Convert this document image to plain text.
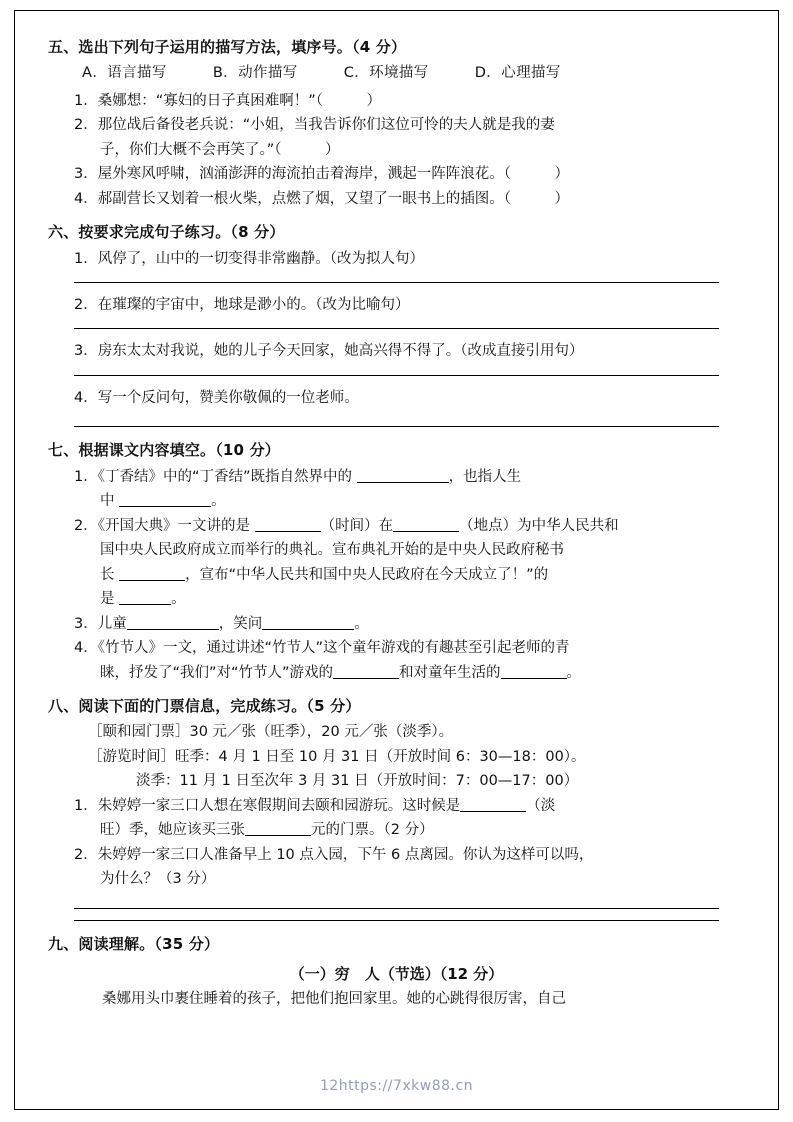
五、选出下列句子运用的描写方法，填序号。（4 分）
A．语言描写	B．动作描写	C．环境描写	D．心理描写
1．桑娜想：“寡妇的日子真困难啊！”（　　　）
2．那位战后备役老兵说：“小姐，当我告诉你们这位可怜的夫人就是我的妻
子，你们大概不会再笑了。”（　　　）
3．屋外寒风呼啸，汹涌澎湃的海流拍击着海岸，溅起一阵阵浪花。（　　　）
4．郝副营长又划着一根火柴，点燃了烟，又望了一眼书上的插图。（　　　）
六、按要求完成句子练习。（8 分）
1．风停了，山中的一切变得非常幽静。（改为拟人句）
2．在璀璨的宇宙中，地球是渺小的。（改为比喻句）
3．房东太太对我说，她的儿子今天回家，她高兴得不得了。（改成直接引用句）
4．写一个反问句，赞美你敬佩的一位老师。
七、根据课文内容填空。（10 分）
1．《丁香结》中的“丁香结”既指自然界中的	，也指人生
中	。
2．《开国大典》一文讲的是	（时间）在	（地点）为中华人民共和
国中央人民政府成立而举行的典礼。宣布典礼开始的是中央人民政府秘书
长	，宣布“中华人民共和国中央人民政府在今天成立了！”的
是	。
3．儿童	，笑问	。
4．《竹节人》一文，通过讲述“竹节人”这个童年游戏的有趣甚至引起老师的青
睐，抒发了“我们”对“竹节人”游戏的	和对童年生活的	。
八、阅读下面的门票信息，完成练习。（5 分）
［颐和园门票］30 元／张（旺季），20 元／张（淡季）。
［游览时间］旺季：4 月 1 日至 10 月 31 日（开放时间 6：30—18：00）。
淡季：11 月 1 日至次年 3 月 31 日（开放时间：7：00—17：00）
1．朱婷婷一家三口人想在寒假期间去颐和园游玩。这时候是	（淡
旺）季，她应该买三张	元的门票。（2 分）
2．朱婷婷一家三口人准备早上 10 点入园，下午 6 点离园。你认为这样可以吗，
为什么？（3 分）
九、阅读理解。（35 分）
（一）穷　人（节选）（12 分）
桑娜用头巾裹住睡着的孩子，把他们抱回家里。她的心跳得很厉害，自己
12https://7xkw88.cn
